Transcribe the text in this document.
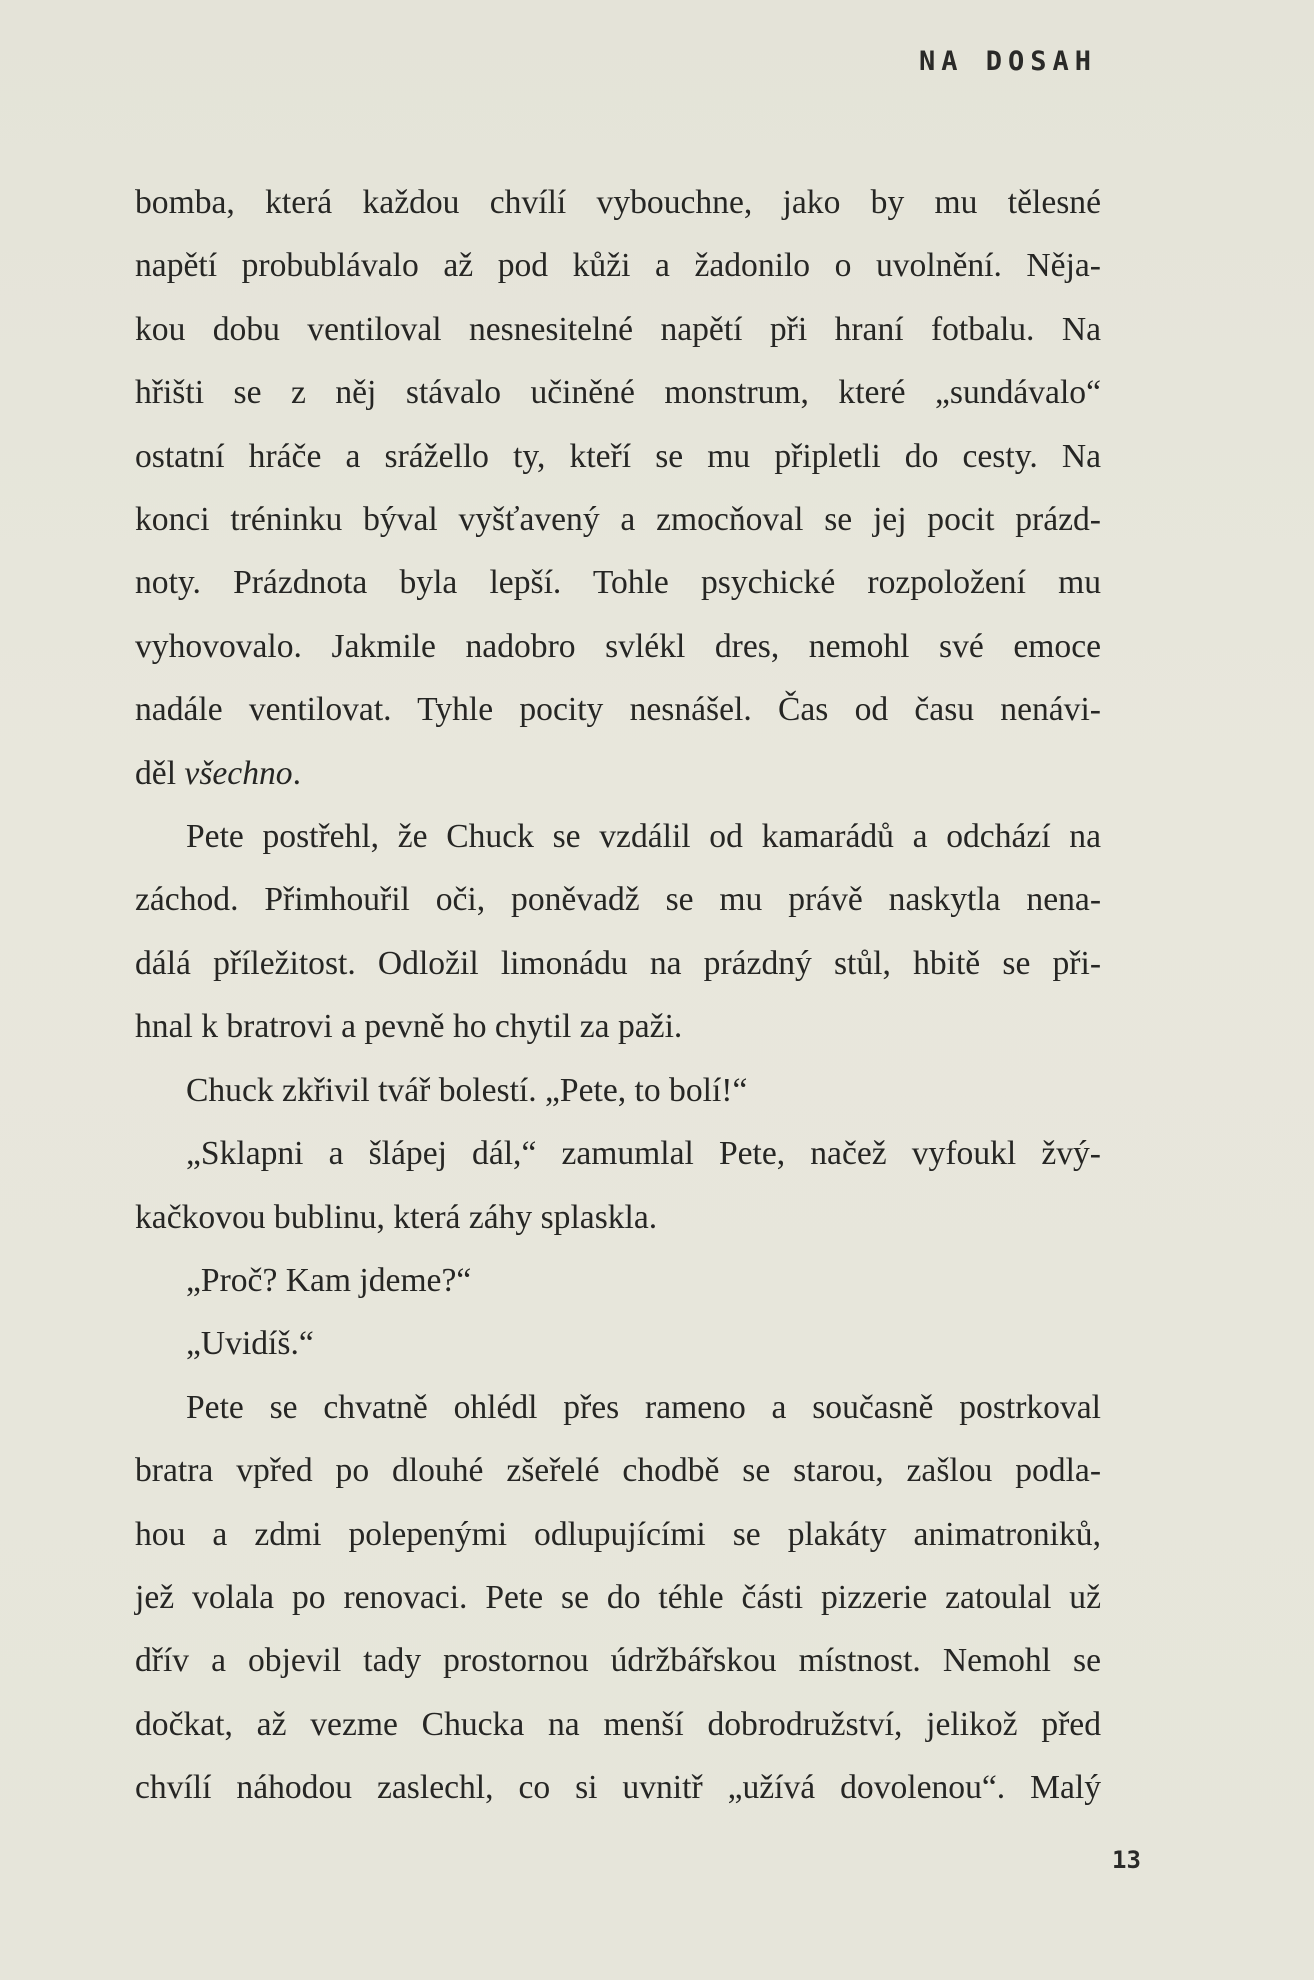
NA DOSAH

bomba, která každou chvílí vybouchne, jako by mu tělesné
napětí probublávalo až pod kůži a žadonilo o uvolnění. Něja-
kou dobu ventiloval nesnesitelné napětí při hraní fotbalu. Na
hřišti se z něj stávalo učiněné monstrum, které „sundávalo“
ostatní hráče a srážello ty, kteří se mu připletli do cesty. Na
konci tréninku býval vyšťavený a zmocňoval se jej pocit prázd-
noty. Prázdnota byla lepší. Tohle psychické rozpoložení mu
vyhovovalo. Jakmile nadobro svlékl dres, nemohl své emoce
nadále ventilovat. Tyhle pocity nesnášel. Čas od času nenávi-
děl všechno.

Pete postřehl, že Chuck se vzdálil od kamarádů a odchází na
záchod. Přimhouřil oči, poněvadž se mu právě naskytla nena-
dálá příležitost. Odložil limonádu na prázdný stůl, hbitě se při-
hnal k bratrovi a pevně ho chytil za paži.

Chuck zkřivil tvář bolestí. „Pete, to bolí!“

„Sklapni a šlápej dál,“ zamumlal Pete, načež vyfoukl žvý-
kačkovou bublinu, která záhy splaskla.

„Proč? Kam jdeme?“

„Uvidíš.“

Pete se chvatně ohlédl přes rameno a současně postrkoval
bratra vpřed po dlouhé zšeřelé chodbě se starou, zašlou podla-
hou a zdmi polepenými odlupujícími se plakáty animatroniků,
jež volala po renovaci. Pete se do téhle části pizzerie zatoulal už
dřív a objevil tady prostornou údržbářskou místnost. Nemohl se
dočkat, až vezme Chucka na menší dobrodružství, jelikož před
chvílí náhodou zaslechl, co si uvnitř „užívá dovolenou“. Malý

13
